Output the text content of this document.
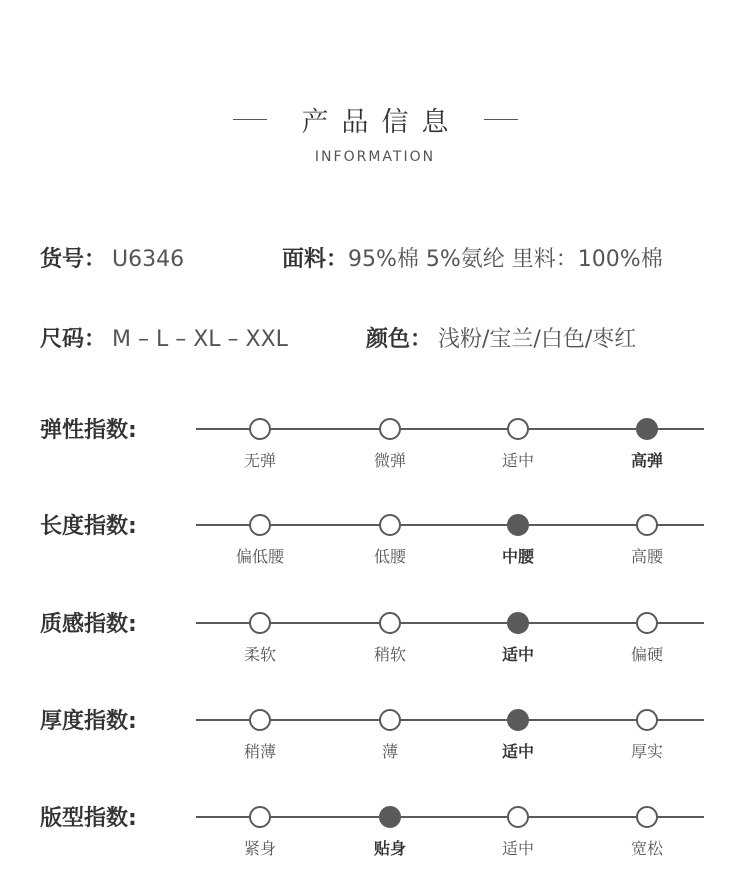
产品信息
INFORMATION
货号： U6346	面料：95%棉 5%氨纶 里料：100%棉
尺码： M – L – XL – XXL	颜色： 浅粉/宝兰/白色/枣红
弹性指数:
无弹	微弹	适中	高弹
长度指数:
偏低腰	低腰	中腰	高腰
质感指数:
柔软	稍软	适中	偏硬
厚度指数:
稍薄	薄	适中	厚实
版型指数:
紧身	贴身	适中	宽松
